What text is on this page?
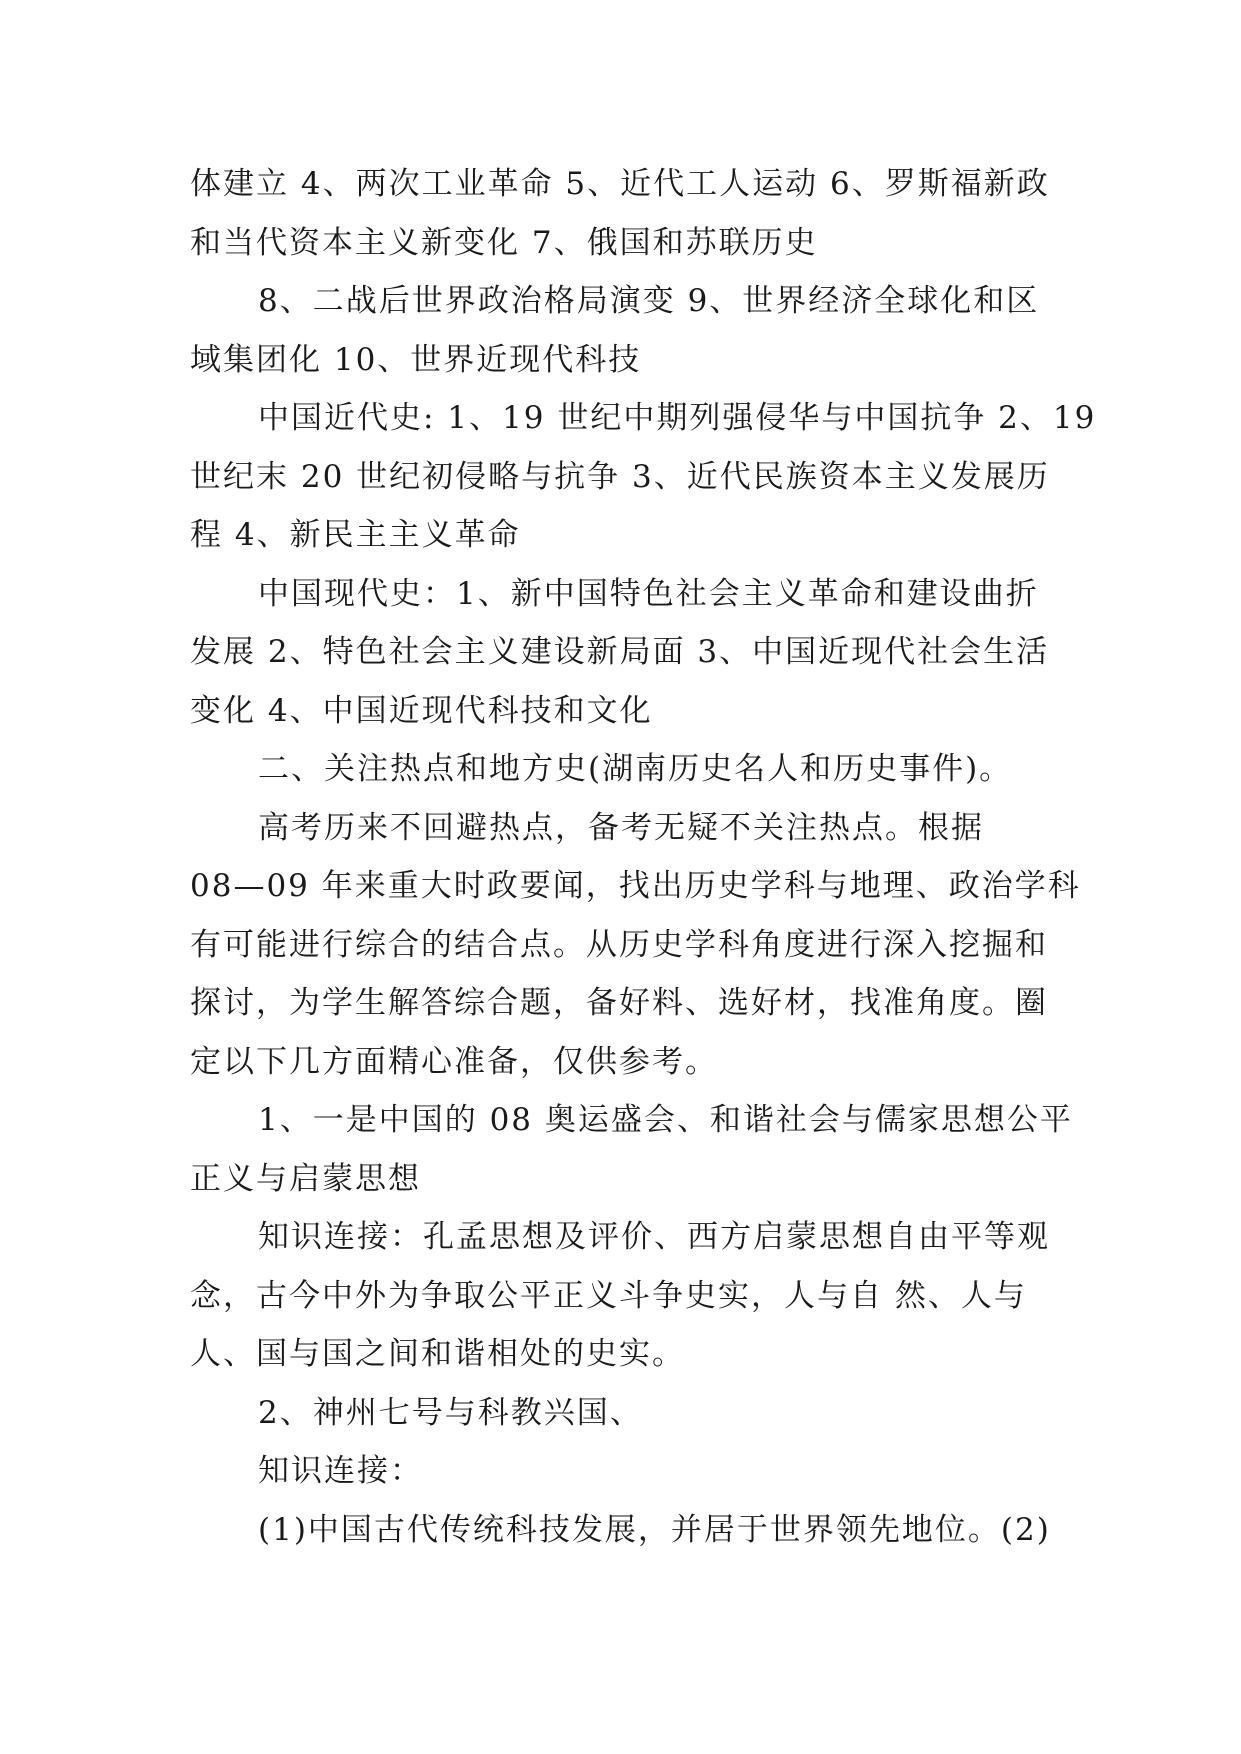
体建立 4、两次工业革命 5、近代工人运动 6、罗斯福新政
和当代资本主义新变化 7、俄国和苏联历史
8、二战后世界政治格局演变 9、世界经济全球化和区
域集团化 10、世界近现代科技
中国近代史: 1、19 世纪中期列强侵华与中国抗争 2、19
世纪末 20 世纪初侵略与抗争 3、近代民族资本主义发展历
程 4、新民主主义革命
中国现代史：1、新中国特色社会主义革命和建设曲折
发展 2、特色社会主义建设新局面 3、中国近现代社会生活
变化 4、中国近现代科技和文化
二、关注热点和地方史(湖南历史名人和历史事件)。
高考历来不回避热点，备考无疑不关注热点。根据
08—09 年来重大时政要闻，找出历史学科与地理、政治学科
有可能进行综合的结合点。从历史学科角度进行深入挖掘和
探讨，为学生解答综合题，备好料、选好材，找准角度。圈
定以下几方面精心准备，仅供参考。
1、一是中国的 08 奥运盛会、和谐社会与儒家思想公平
正义与启蒙思想
知识连接：孔孟思想及评价、西方启蒙思想自由平等观
念，古今中外为争取公平正义斗争史实，人与自 然、人与
人、国与国之间和谐相处的史实。
2、神州七号与科教兴国、
知识连接：
(1)中国古代传统科技发展，并居于世界领先地位。(2)
